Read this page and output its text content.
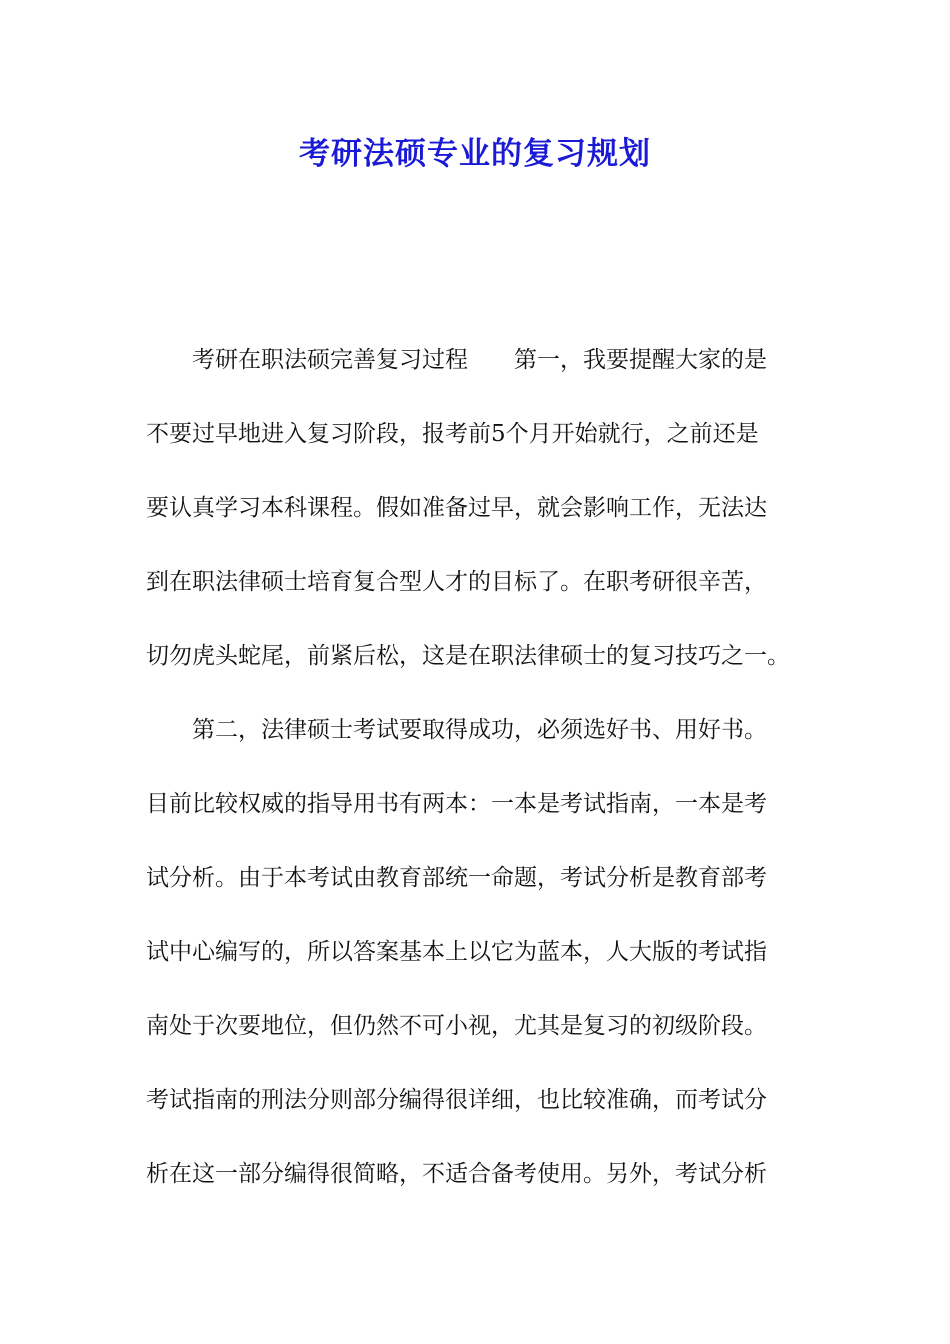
考研法硕专业的复习规划
　　考研在职法硕完善复习过程　　第一，我要提醒大家的是
不要过早地进入复习阶段，报考前5个月开始就行，之前还是
要认真学习本科课程。假如准备过早，就会影响工作，无法达
到在职法律硕士培育复合型人才的目标了。在职考研很辛苦，
切勿虎头蛇尾，前紧后松，这是在职法律硕士的复习技巧之一。
　　第二，法律硕士考试要取得成功，必须选好书、用好书。
目前比较权威的指导用书有两本：一本是考试指南，一本是考
试分析。由于本考试由教育部统一命题，考试分析是教育部考
试中心编写的，所以答案基本上以它为蓝本，人大版的考试指
南处于次要地位，但仍然不可小视，尤其是复习的初级阶段。
考试指南的刑法分则部分编得很详细，也比较准确，而考试分
析在这一部分编得很简略，不适合备考使用。另外，考试分析
